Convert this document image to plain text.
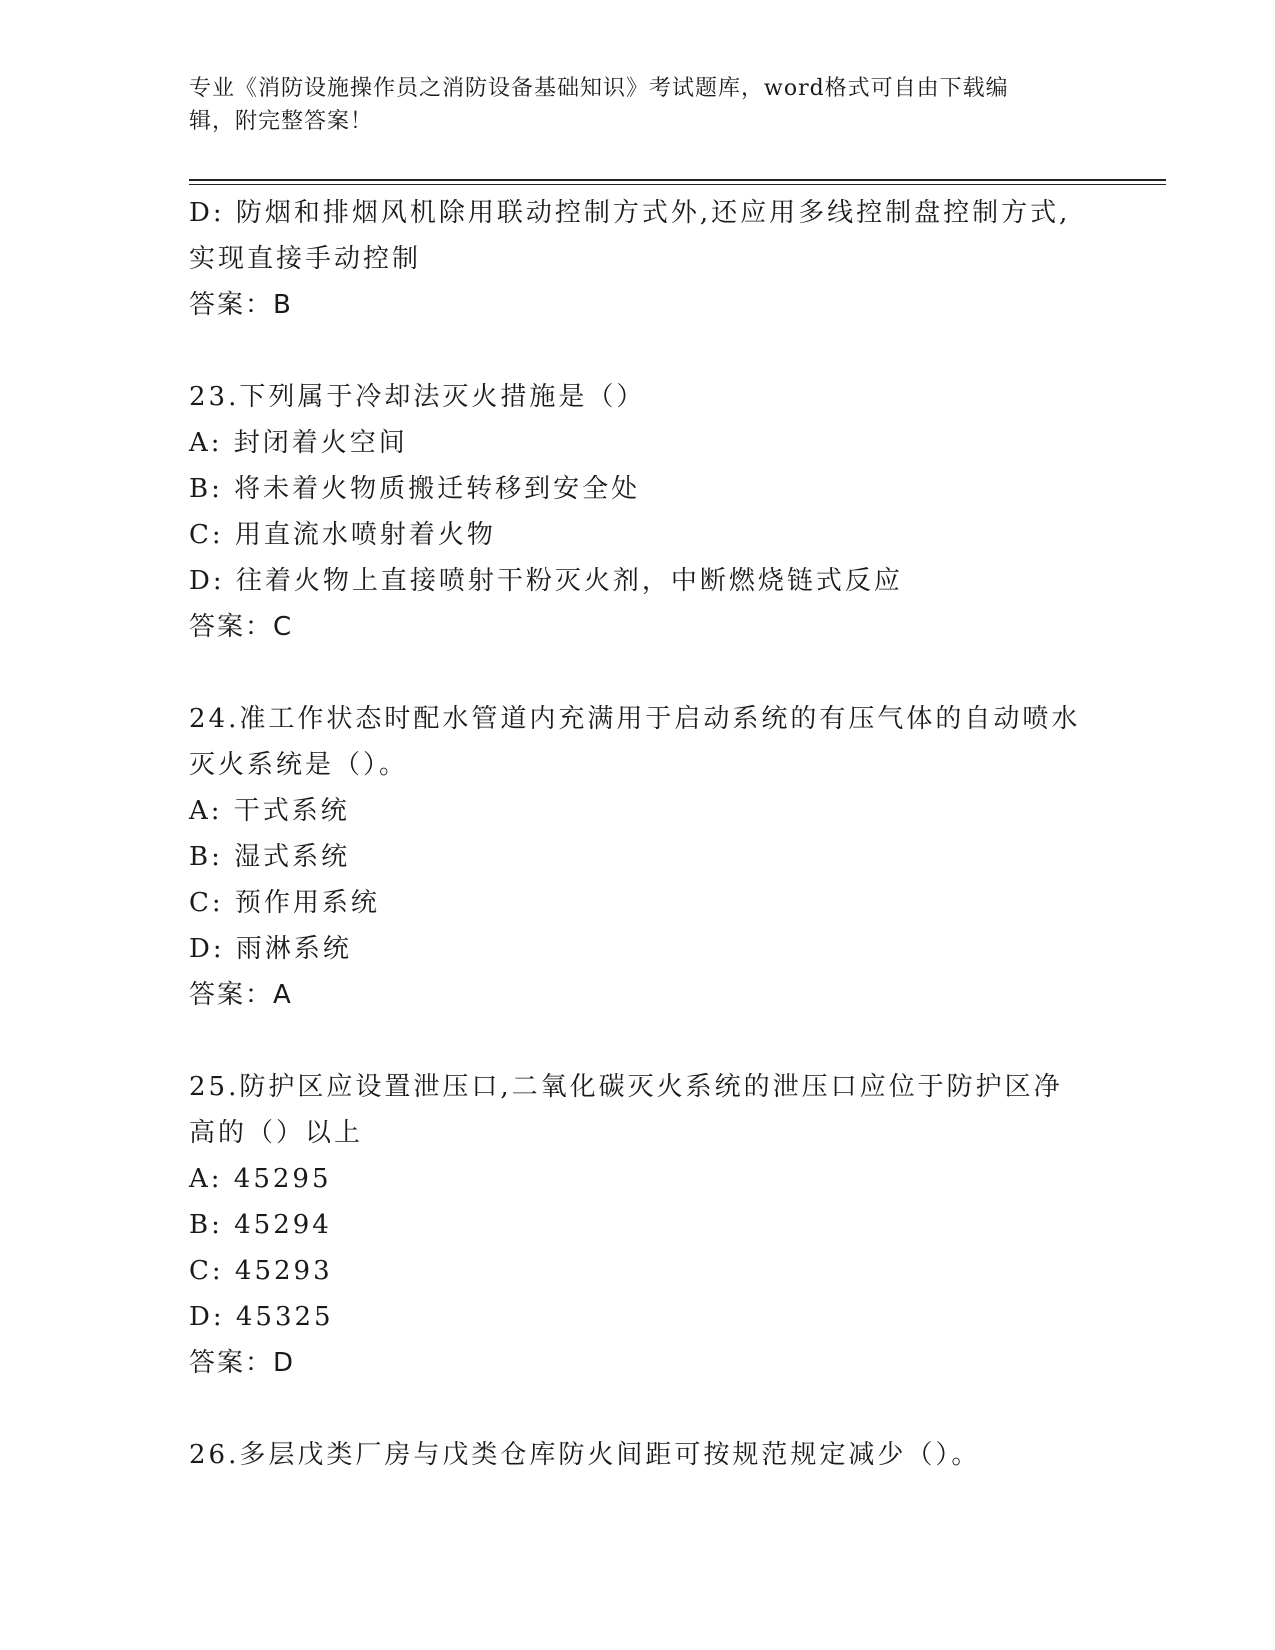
专业《消防设施操作员之消防设备基础知识》考试题库，word格式可自由下载编
辑，附完整答案！
D: 防烟和排烟风机除用联动控制方式外,还应用多线控制盘控制方式,
实现直接手动控制
答案：B
23.下列属于冷却法灭火措施是（）
A: 封闭着火空间
B: 将未着火物质搬迁转移到安全处
C: 用直流水喷射着火物
D: 往着火物上直接喷射干粉灭火剂，中断燃烧链式反应
答案：C
24.准工作状态时配水管道内充满用于启动系统的有压气体的自动喷水
灭火系统是（）。
A: 干式系统
B: 湿式系统
C: 预作用系统
D: 雨淋系统
答案：A
25.防护区应设置泄压口,二氧化碳灭火系统的泄压口应位于防护区净
高的（）以上
A: 45295
B: 45294
C: 45293
D: 45325
答案：D
26.多层戊类厂房与戊类仓库防火间距可按规范规定减少（）。
